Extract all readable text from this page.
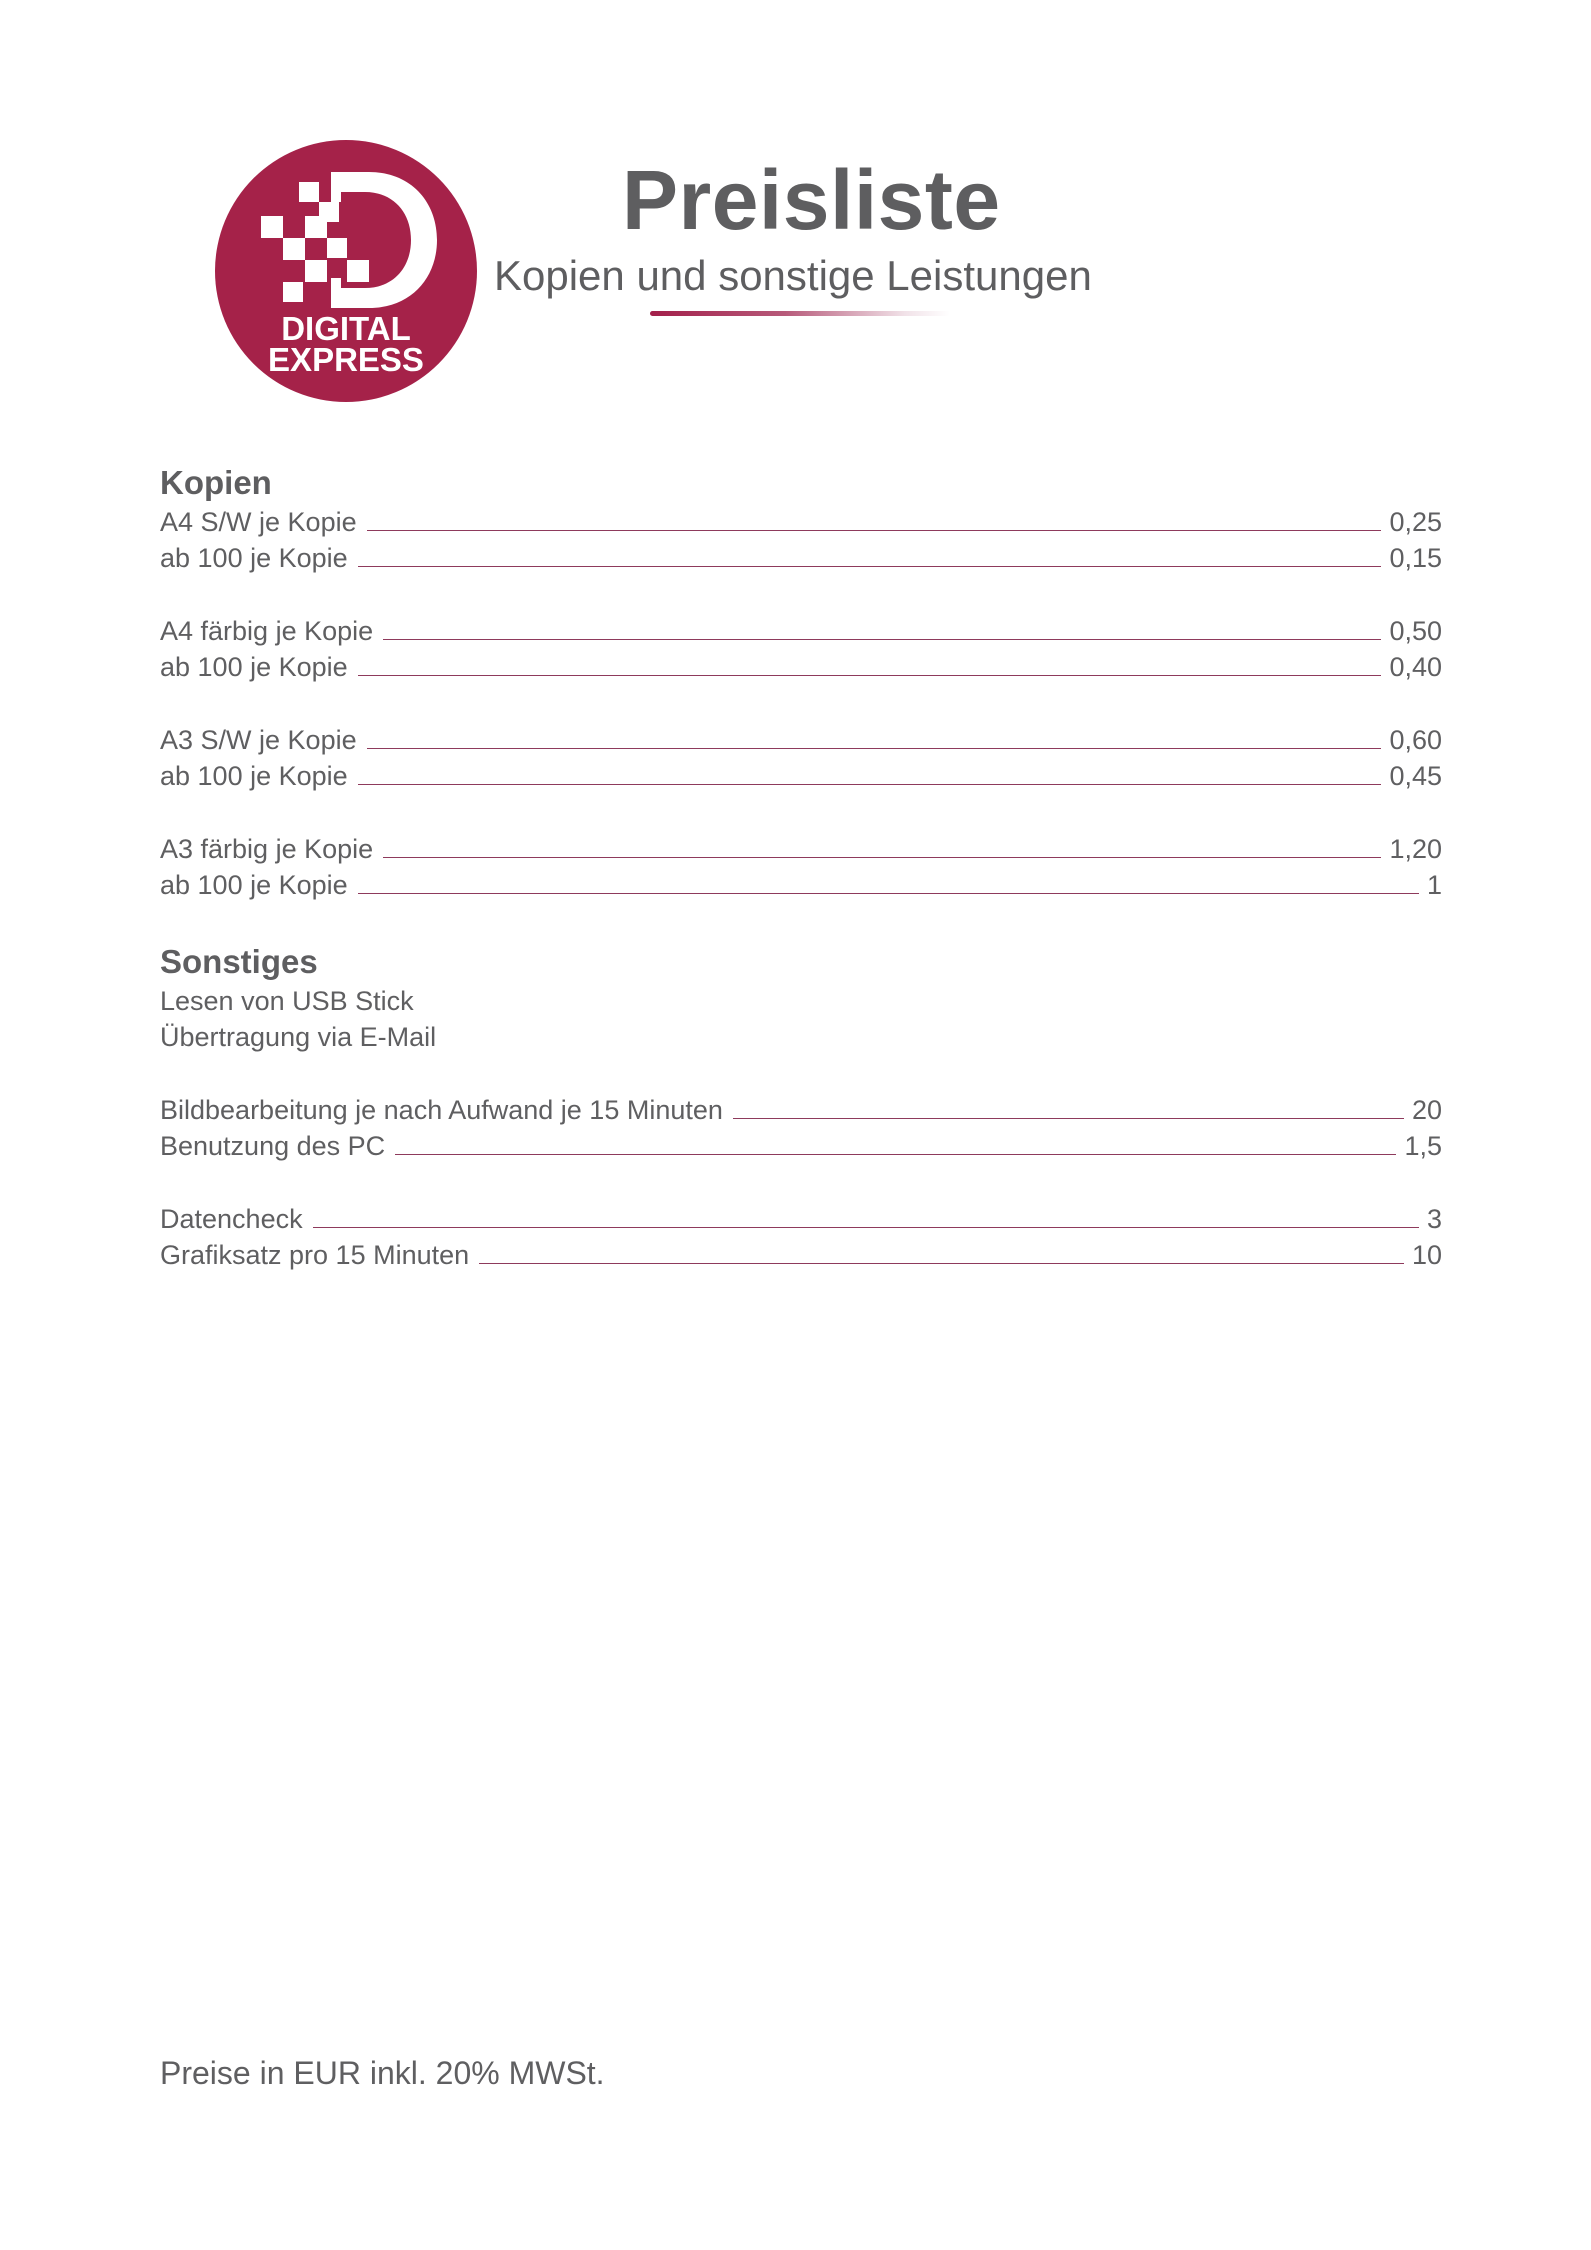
DIGITAL
EXPRESS
Preisliste
Kopien und sonstige Leistungen
Kopien
A4 S/W je Kopie	0,25
ab 100 je Kopie	0,15
A4 färbig je Kopie	0,50
ab 100 je Kopie	0,40
A3 S/W je Kopie	0,60
ab 100 je Kopie	0,45
A3 färbig je Kopie	1,20
ab 100 je Kopie	1
Sonstiges
Lesen von USB Stick
Übertragung via E-Mail
Bildbearbeitung je nach Aufwand je 15 Minuten	20
Benutzung des PC	1,5
Datencheck	3
Grafiksatz pro 15 Minuten	10
Preise in EUR inkl. 20% MWSt.
